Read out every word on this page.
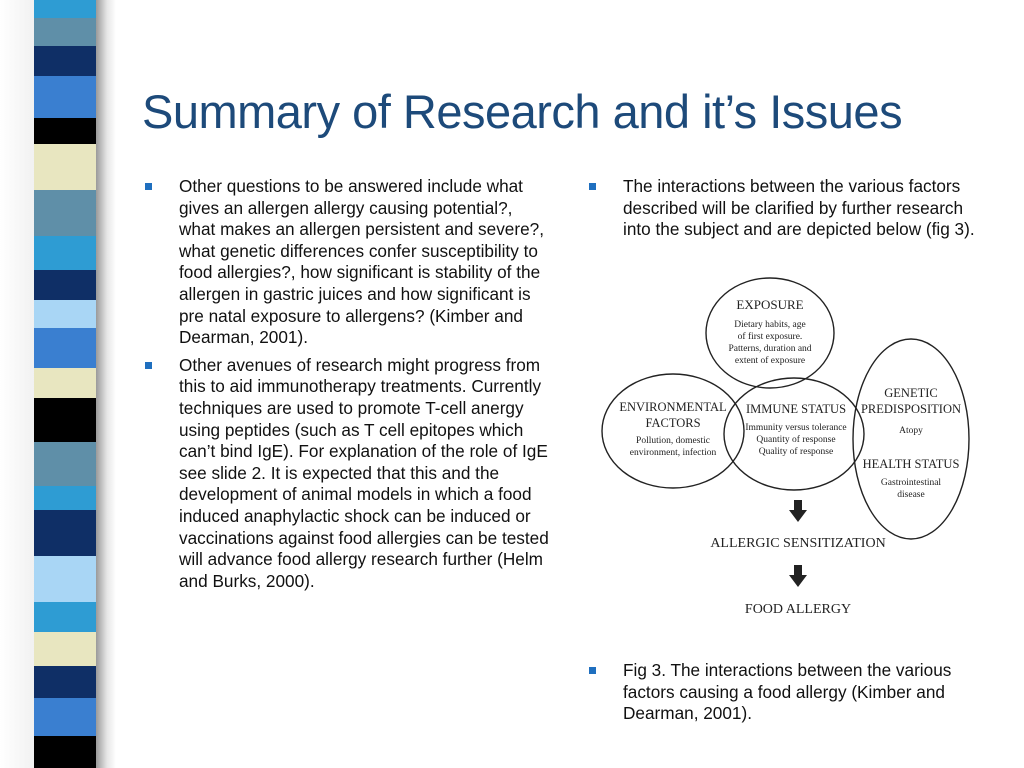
Summary of Research and it’s Issues

Other questions to be answered include what gives an allergen allergy causing potential?, what makes an allergen persistent and severe?, what genetic differences confer susceptibility to food allergies?, how significant is stability of the allergen in gastric juices and how significant is pre natal exposure to allergens? (Kimber and Dearman, 2001).

Other avenues of research might progress from this to aid immunotherapy treatments. Currently techniques are used to promote T-cell anergy using peptides (such as T cell epitopes which can’t bind IgE). For explanation of the role of IgE see slide 2. It is expected that this and the development of animal models in which a food induced anaphylactic shock can be induced or vaccinations against food allergies can be tested will advance food allergy research further (Helm and Burks, 2000).

The interactions between the various factors described will be clarified by further research into the subject and are depicted below (fig 3).

EXPOSURE
Dietary habits, age
of first exposure.
Patterns, duration and
extent of exposure
ENVIRONMENTAL
FACTORS
Pollution, domestic
environment, infection
IMMUNE STATUS
Immunity versus tolerance
Quantity of response
Quality of response
GENETIC
PREDISPOSITION
Atopy
HEALTH STATUS
Gastrointestinal
disease
ALLERGIC SENSITIZATION
FOOD ALLERGY

Fig 3. The interactions between the various factors causing a food allergy (Kimber and Dearman, 2001).
